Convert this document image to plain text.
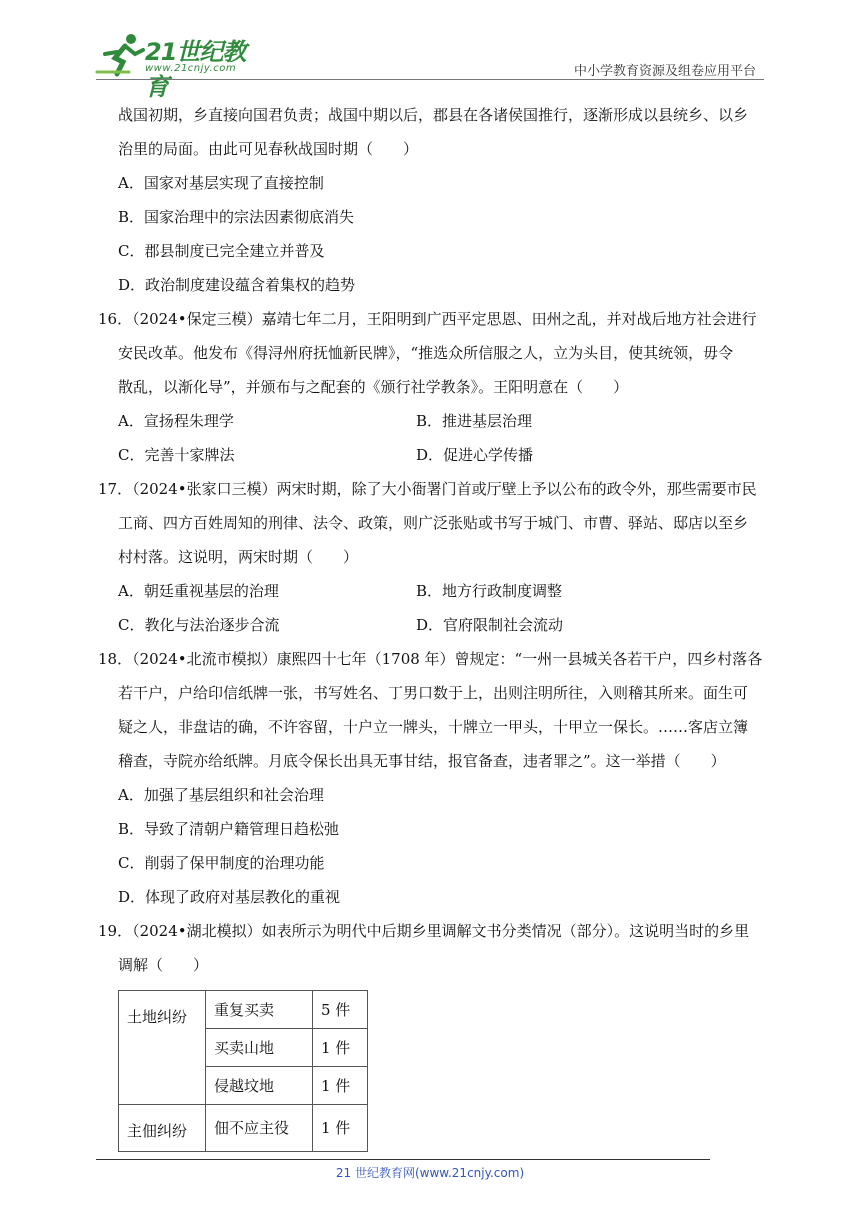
21世纪教育
www.21cnjy.com	中小学教育资源及组卷应用平台
战国初期，乡直接向国君负责；战国中期以后，郡县在各诸侯国推行，逐渐形成以县统乡、以乡
治里的局面。由此可见春秋战国时期（　　）
A．国家对基层实现了直接控制
B．国家治理中的宗法因素彻底消失
C．郡县制度已完全建立并普及
D．政治制度建设蕴含着集权的趋势
16．（2024•保定三模）嘉靖七年二月，王阳明到广西平定思恩、田州之乱，并对战后地方社会进行
安民改革。他发布《得浔州府抚恤新民牌》，“推选众所信服之人，立为头目，使其统领，毋令
散乱，以渐化导”，并颁布与之配套的《颁行社学教条》。王阳明意在（　　）
A．宣扬程朱理学	B．推进基层治理
C．完善十家牌法	D．促进心学传播
17．（2024•张家口三模）两宋时期，除了大小衙署门首或厅壁上予以公布的政令外，那些需要市民
工商、四方百姓周知的刑律、法令、政策，则广泛张贴或书写于城门、市曹、驿站、邸店以至乡
村村落。这说明，两宋时期（　　）
A．朝廷重视基层的治理	B．地方行政制度调整
C．教化与法治逐步合流	D．官府限制社会流动
18．（2024•北流市模拟）康熙四十七年（1708 年）曾规定：“一州一县城关各若干户，四乡村落各
若干户，户给印信纸牌一张，书写姓名、丁男口数于上，出则注明所往，入则稽其所来。面生可
疑之人，非盘诘的确，不许容留，十户立一牌头，十牌立一甲头，十甲立一保长。……客店立簿
稽查，寺院亦给纸牌。月底令保长出具无事甘结，报官备查，违者罪之”。这一举措（　　）
A．加强了基层组织和社会治理
B．导致了清朝户籍管理日趋松弛
C．削弱了保甲制度的治理功能
D．体现了政府对基层教化的重视
19．（2024•湖北模拟）如表所示为明代中后期乡里调解文书分类情况（部分）。这说明当时的乡里
调解（　　）
土地纠纷	重复买卖	5 件
	买卖山地	1 件
	侵越坟地	1 件
主佃纠纷	佃不应主役	1 件
21 世纪教育网(www.21cnjy.com)
